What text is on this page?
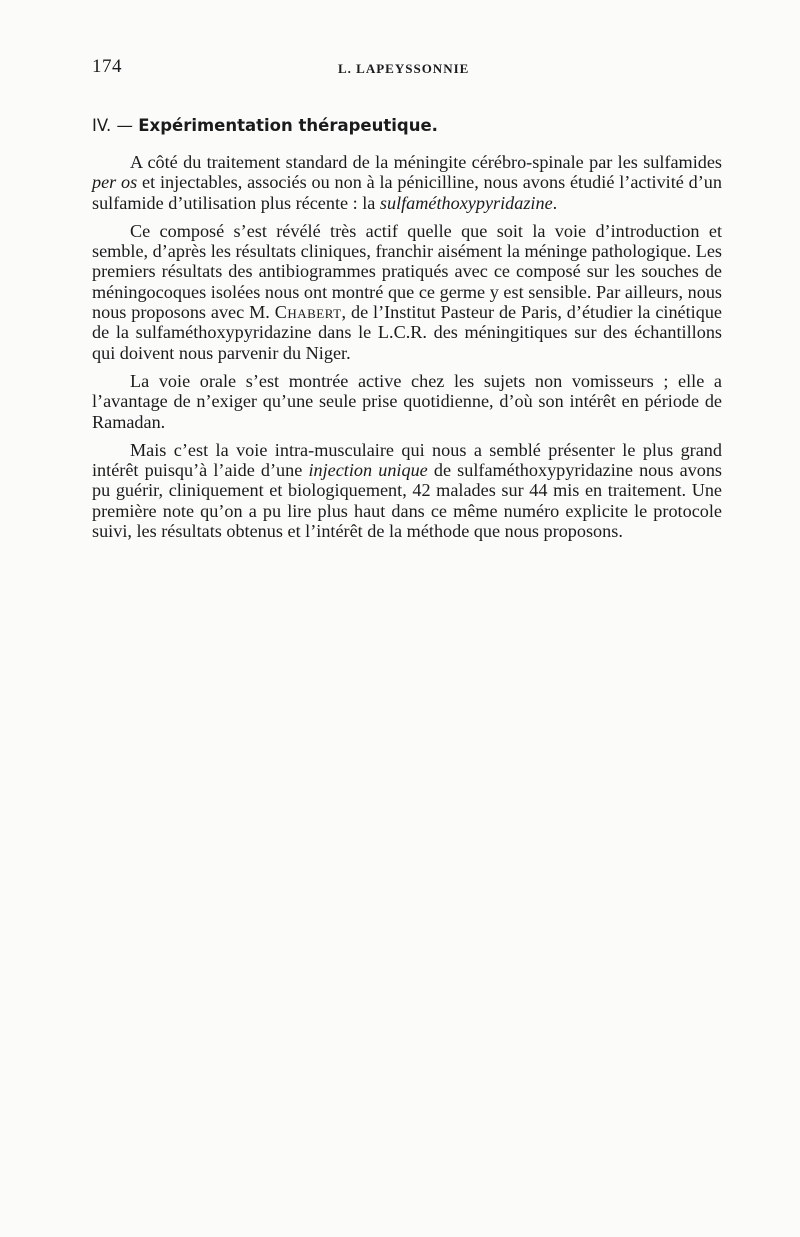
174	L. LAPEYSSONNIE
IV. — Expérimentation thérapeutique.

A côté du traitement standard de la méningite cérébro-spinale par les sulfamides per os et injectables, associés ou non à la pénicilline, nous avons étudié l’activité d’un sulfamide d’utilisation plus récente : la sulfaméthoxypyridazine.

Ce composé s’est révélé très actif quelle que soit la voie d’introduction et semble, d’après les résultats cliniques, franchir aisément la méninge pathologique. Les premiers résultats des antibiogrammes pratiqués avec ce composé sur les souches de méningocoques isolées nous ont montré que ce germe y est sensible. Par ailleurs, nous nous proposons avec M. Chabert, de l’Institut Pasteur de Paris, d’étudier la cinétique de la sulfaméthoxypyridazine dans le L.C.R. des méningitiques sur des échantillons qui doivent nous parvenir du Niger.

La voie orale s’est montrée active chez les sujets non vomisseurs ; elle a l’avantage de n’exiger qu’une seule prise quotidienne, d’où son intérêt en période de Ramadan.

Mais c’est la voie intra-musculaire qui nous a semblé présenter le plus grand intérêt puisqu’à l’aide d’une injection unique de sulfaméthoxypyridazine nous avons pu guérir, cliniquement et biologiquement, 42 malades sur 44 mis en traitement. Une première note qu’on a pu lire plus haut dans ce même numéro explicite le protocole suivi, les résultats obtenus et l’intérêt de la méthode que nous proposons.
